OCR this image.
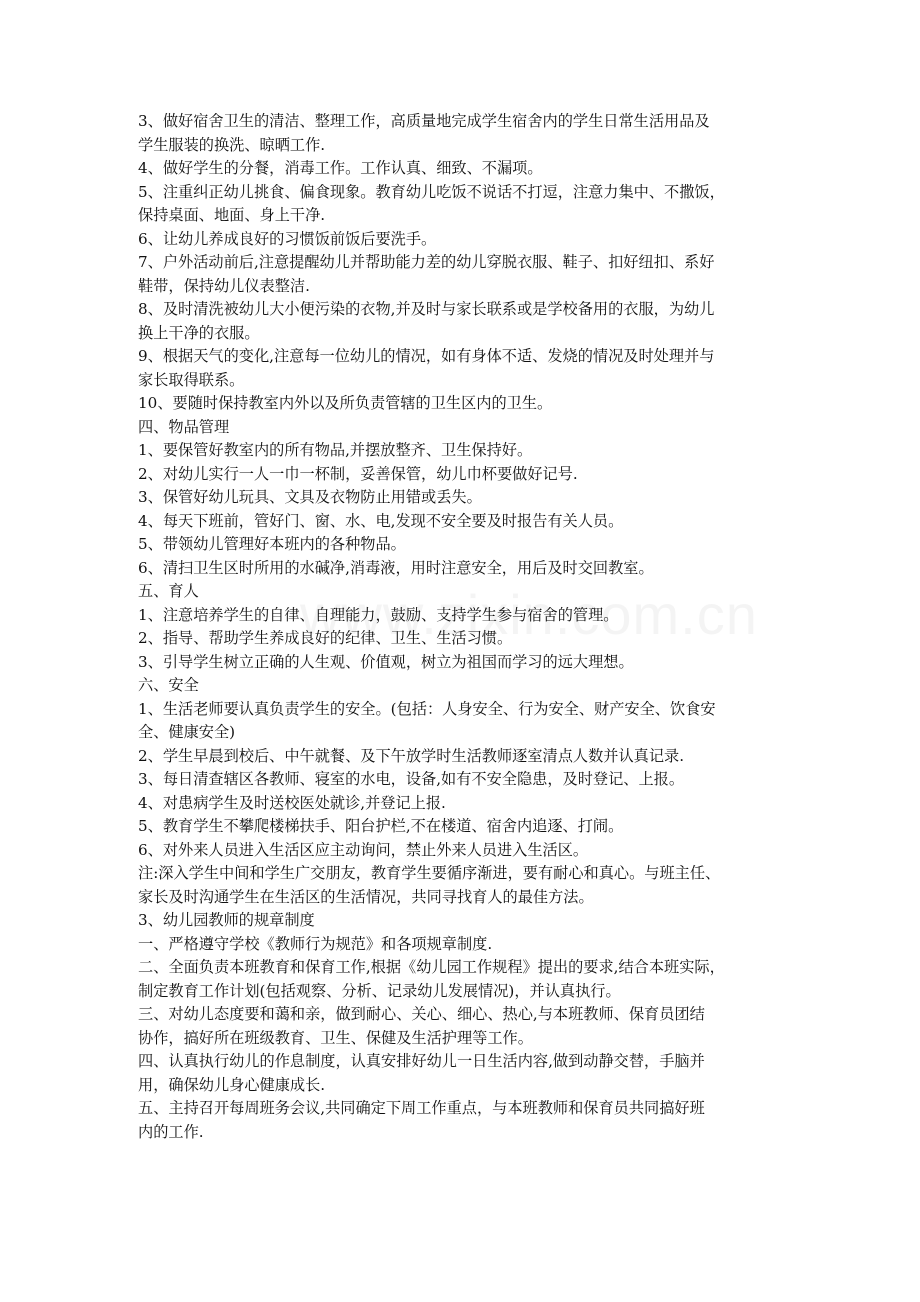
3、做好宿舍卫生的清洁、整理工作，高质量地完成学生宿舍内的学生日常生活用品及
学生服装的换洗、晾晒工作.
4、做好学生的分餐，消毒工作。工作认真、细致、不漏项。
5、注重纠正幼儿挑食、偏食现象。教育幼儿吃饭不说话不打逗，注意力集中、不撒饭，
保持桌面、地面、身上干净.
6、让幼儿养成良好的习惯饭前饭后要洗手。
7、户外活动前后,注意提醒幼儿并帮助能力差的幼儿穿脱衣服、鞋子、扣好纽扣、系好
鞋带，保持幼儿仪表整洁.
8、及时清洗被幼儿大小便污染的衣物,并及时与家长联系或是学校备用的衣服，为幼儿
换上干净的衣服。
9、根据天气的变化,注意每一位幼儿的情况，如有身体不适、发烧的情况及时处理并与
家长取得联系。
10、要随时保持教室内外以及所负责管辖的卫生区内的卫生。
四、物品管理
1、要保管好教室内的所有物品,并摆放整齐、卫生保持好。
2、对幼儿实行一人一巾一杯制，妥善保管，幼儿巾杯要做好记号.
3、保管好幼儿玩具、文具及衣物防止用错或丢失。
4、每天下班前，管好门、窗、水、电,发现不安全要及时报告有关人员。
5、带领幼儿管理好本班内的各种物品。
6、清扫卫生区时所用的水碱净,消毒液，用时注意安全，用后及时交回教室。
五、育人
1、注意培养学生的自律、自理能力，鼓励、支持学生参与宿舍的管理。
2、指导、帮助学生养成良好的纪律、卫生、生活习惯。
3、引导学生树立正确的人生观、价值观，树立为祖国而学习的远大理想。
六、安全
1、生活老师要认真负责学生的安全。(包括：人身安全、行为安全、财产安全、饮食安
全、健康安全)
2、学生早晨到校后、中午就餐、及下午放学时生活教师逐室清点人数并认真记录.
3、每日清查辖区各教师、寝室的水电，设备,如有不安全隐患，及时登记、上报。
4、对患病学生及时送校医处就诊,并登记上报.
5、教育学生不攀爬楼梯扶手、阳台护栏,不在楼道、宿舍内追逐、打闹。
6、对外来人员进入生活区应主动询问，禁止外来人员进入生活区。
注:深入学生中间和学生广交朋友，教育学生要循序渐进，要有耐心和真心。与班主任、
家长及时沟通学生在生活区的生活情况，共同寻找育人的最佳方法。
3、幼儿园教师的规章制度
一、严格遵守学校《教师行为规范》和各项规章制度.
二、全面负责本班教育和保育工作,根据《幼儿园工作规程》提出的要求,结合本班实际，
制定教育工作计划(包括观察、分析、记录幼儿发展情况)，并认真执行。
三、对幼儿态度要和蔼和亲，做到耐心、关心、细心、热心,与本班教师、保育员团结
协作，搞好所在班级教育、卫生、保健及生活护理等工作。
四、认真执行幼儿的作息制度，认真安排好幼儿一日生活内容,做到动静交替，手脑并
用，确保幼儿身心健康成长.
五、主持召开每周班务会议,共同确定下周工作重点，与本班教师和保育员共同搞好班
内的工作.
